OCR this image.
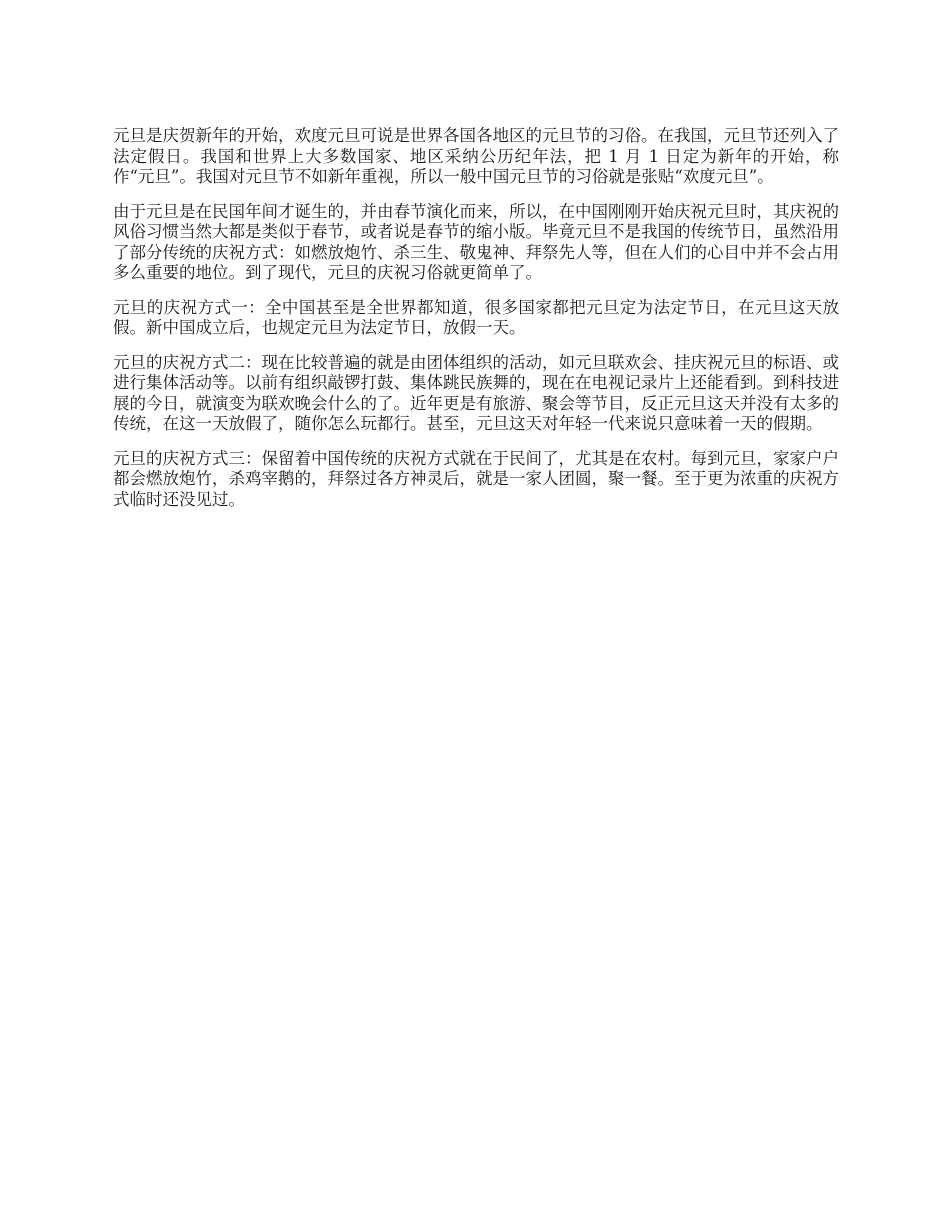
元旦是庆贺新年的开始，欢度元旦可说是世界各国各地区的元旦节的习俗。在我国，元旦节还列入了法定假日。我国和世界上大多数国家、地区采纳公历纪年法，把 1 月 1 日定为新年的开始，称作“元旦”。我国对元旦节不如新年重视，所以一般中国元旦节的习俗就是张贴“欢度元旦”。

由于元旦是在民国年间才诞生的，并由春节演化而来，所以，在中国刚刚开始庆祝元旦时，其庆祝的风俗习惯当然大都是类似于春节，或者说是春节的缩小版。毕竟元旦不是我国的传统节日，虽然沿用了部分传统的庆祝方式：如燃放炮竹、杀三生、敬鬼神、拜祭先人等，但在人们的心目中并不会占用多么重要的地位。到了现代，元旦的庆祝习俗就更简单了。

元旦的庆祝方式一：全中国甚至是全世界都知道，很多国家都把元旦定为法定节日，在元旦这天放假。新中国成立后，也规定元旦为法定节日，放假一天。

元旦的庆祝方式二：现在比较普遍的就是由团体组织的活动，如元旦联欢会、挂庆祝元旦的标语、或进行集体活动等。以前有组织敲锣打鼓、集体跳民族舞的，现在在电视记录片上还能看到。到科技进展的今日，就演变为联欢晚会什么的了。近年更是有旅游、聚会等节目，反正元旦这天并没有太多的传统，在这一天放假了，随你怎么玩都行。甚至，元旦这天对年轻一代来说只意味着一天的假期。

元旦的庆祝方式三：保留着中国传统的庆祝方式就在于民间了，尤其是在农村。每到元旦，家家户户都会燃放炮竹，杀鸡宰鹅的，拜祭过各方神灵后，就是一家人团圆，聚一餐。至于更为浓重的庆祝方式临时还没见过。
